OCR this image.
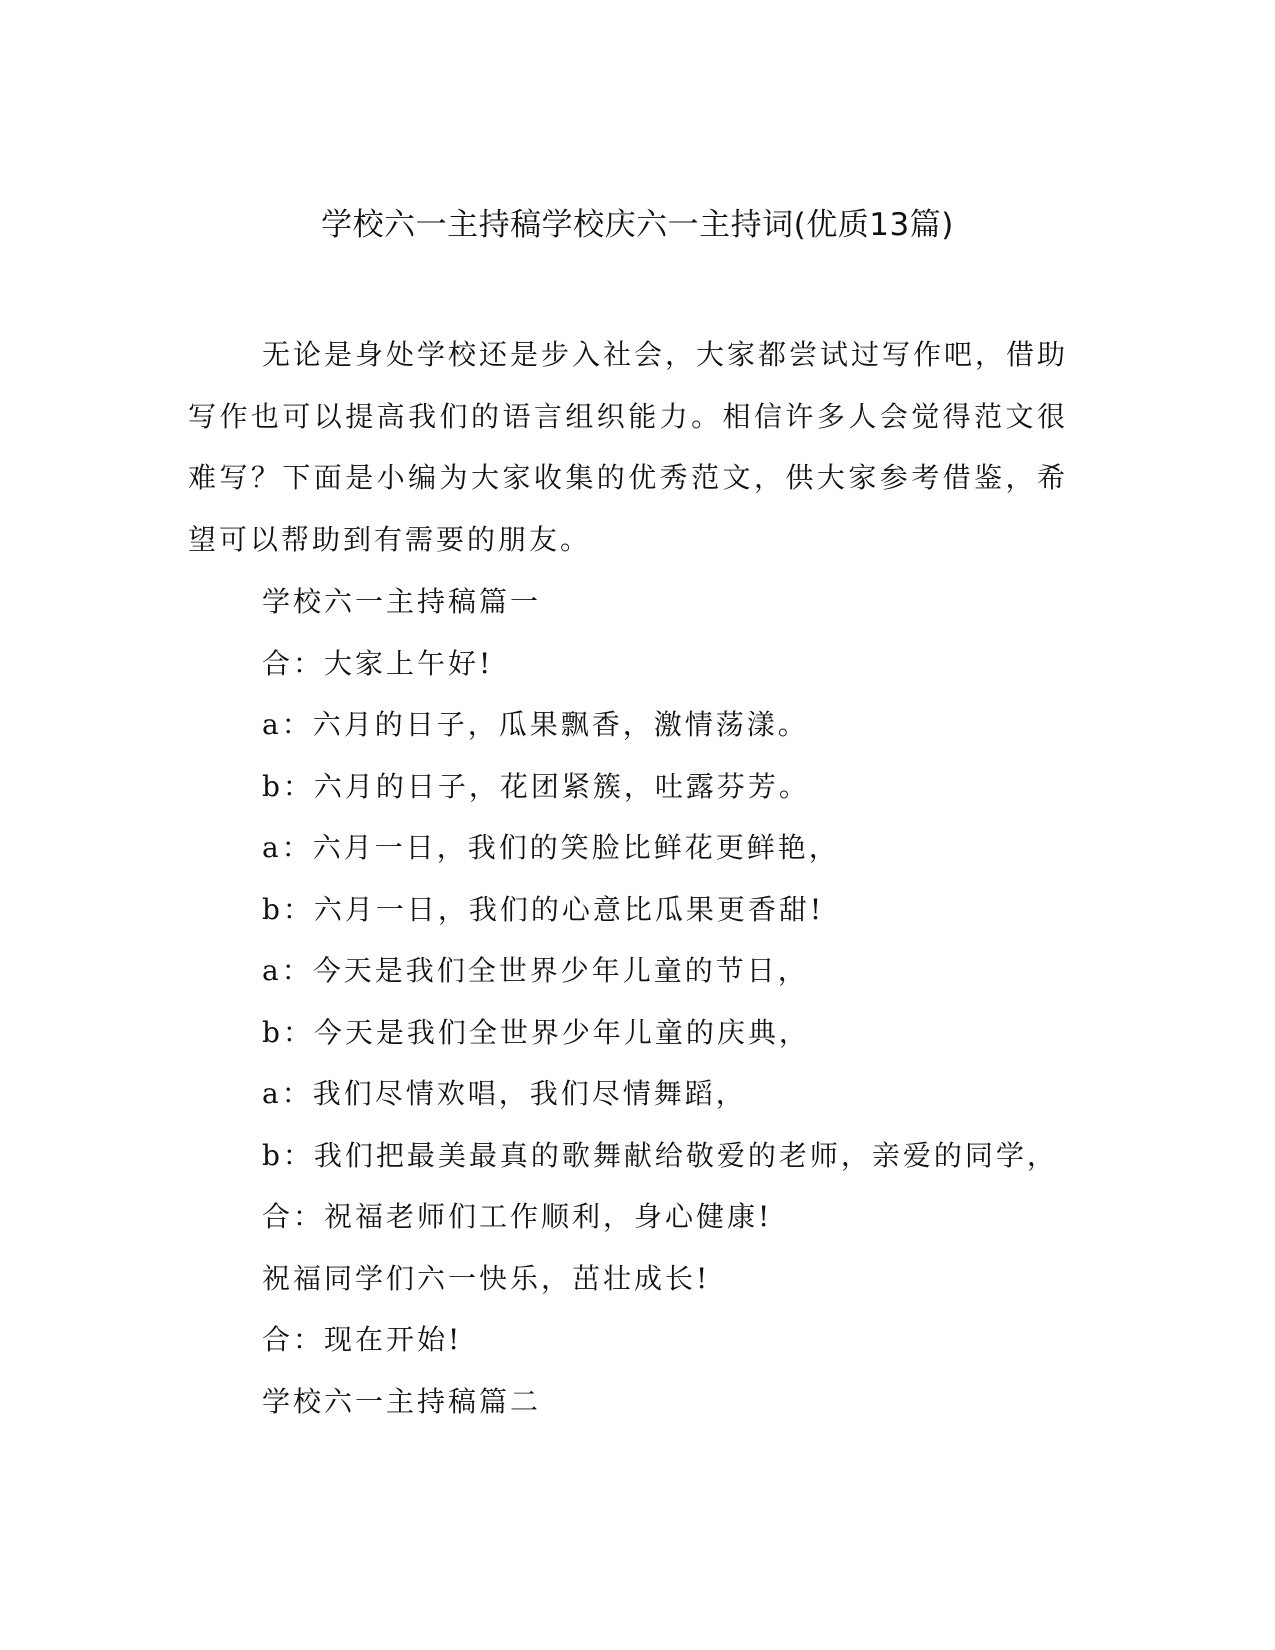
学校六一主持稿学校庆六一主持词(优质13篇)

无论是身处学校还是步入社会，大家都尝试过写作吧，借助写作也可以提高我们的语言组织能力。相信许多人会觉得范文很难写？下面是小编为大家收集的优秀范文，供大家参考借鉴，希望可以帮助到有需要的朋友。

学校六一主持稿篇一
合：大家上午好!
a：六月的日子，瓜果飘香，激情荡漾。
b：六月的日子，花团紧簇，吐露芬芳。
a：六月一日，我们的笑脸比鲜花更鲜艳，
b：六月一日，我们的心意比瓜果更香甜!
a：今天是我们全世界少年儿童的节日，
b：今天是我们全世界少年儿童的庆典，
a：我们尽情欢唱，我们尽情舞蹈，
b：我们把最美最真的歌舞献给敬爱的老师，亲爱的同学，
合：祝福老师们工作顺利，身心健康!
祝福同学们六一快乐，茁壮成长!
合：现在开始!
学校六一主持稿篇二
